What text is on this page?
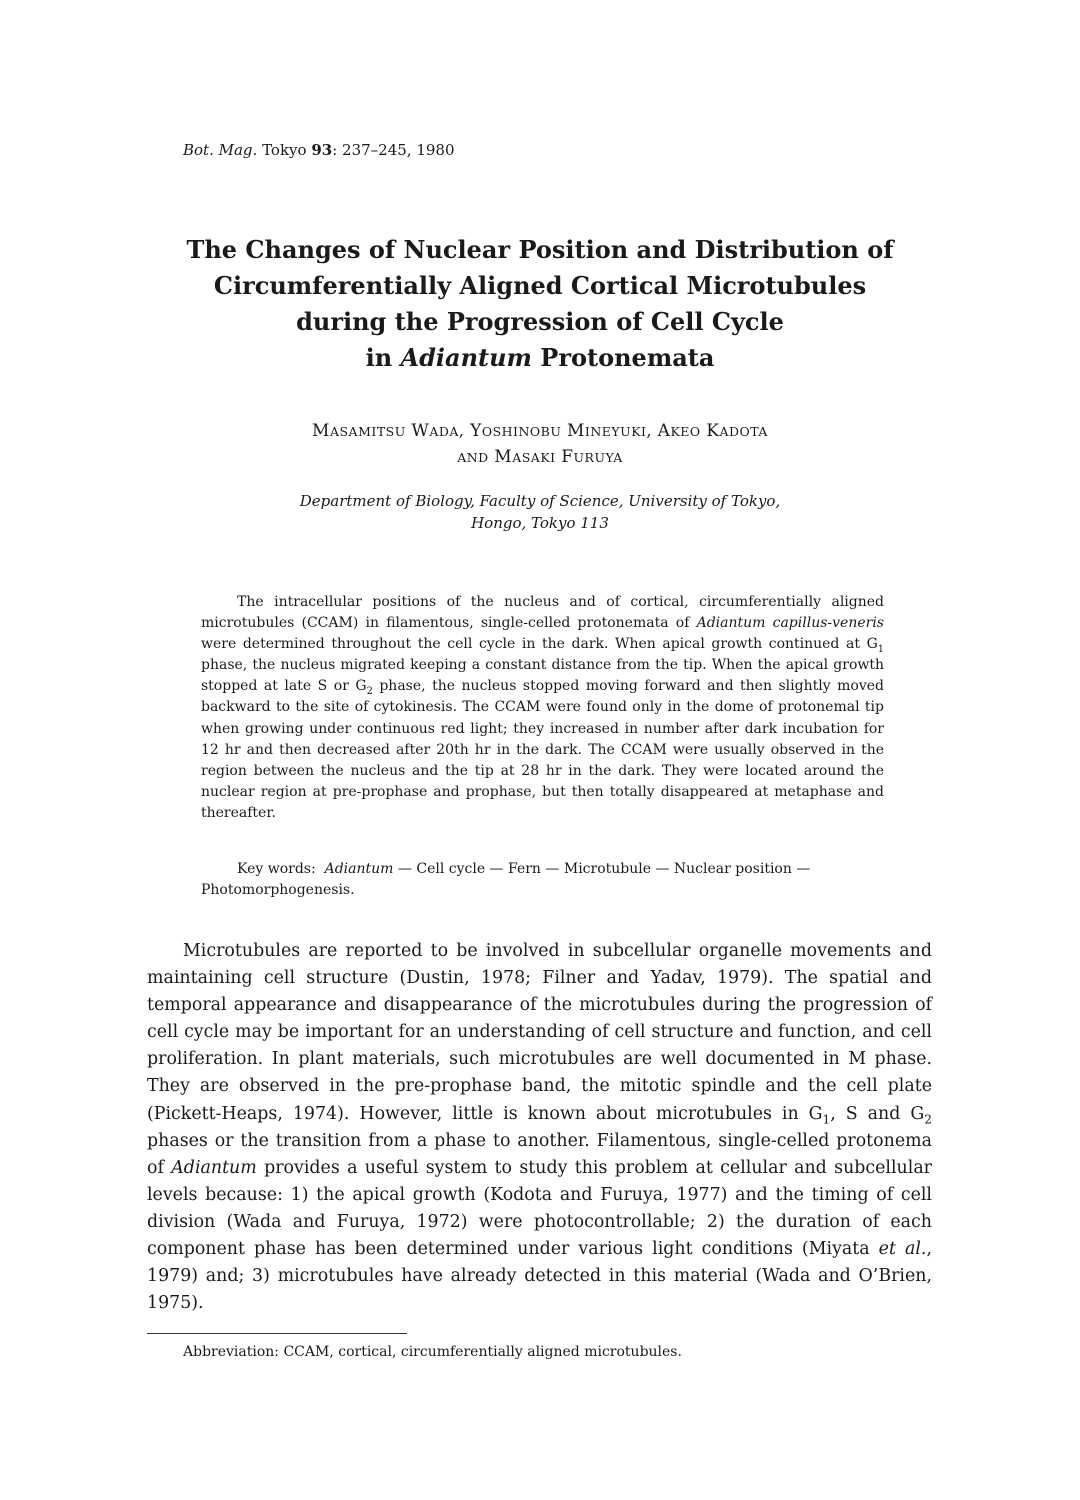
Bot. Mag. Tokyo 93: 237–245, 1980
The Changes of Nuclear Position and Distribution of
Circumferentially Aligned Cortical Microtubules
during the Progression of Cell Cycle
in Adiantum Protonemata
MASAMITSU WADA, YOSHINOBU MINEYUKI, AKEO KADOTA
AND MASAKI FURUYA
Department of Biology, Faculty of Science, University of Tokyo,
Hongo, Tokyo 113

The intracellular positions of the nucleus and of cortical, circumferentially aligned microtubules (CCAM) in filamentous, single-celled protonemata of Adiantum capillus-veneris were determined throughout the cell cycle in the dark. When apical growth continued at $G_1$ phase, the nucleus migrated keeping a constant distance from the tip. When the apical growth stopped at late S or $G_2$ phase, the nucleus stopped moving forward and then slightly moved backward to the site of cytokinesis. The CCAM were found only in the dome of protonemal tip when growing under continuous red light; they increased in number after dark incubation for 12 hr and then decreased after 20th hr in the dark. The CCAM were usually observed in the region between the nucleus and the tip at 28 hr in the dark. They were located around the nuclear region at pre-prophase and prophase, but then totally disappeared at metaphase and thereafter.

Key words: Adiantum — Cell cycle — Fern — Microtubule — Nuclear position — Photomorphogenesis.

Microtubules are reported to be involved in subcellular organelle movements and maintaining cell structure (Dustin, 1978; Filner and Yadav, 1979). The spatial and temporal appearance and disappearance of the microtubules during the progression of cell cycle may be important for an understanding of cell structure and function, and cell proliferation. In plant materials, such microtubules are well documented in M phase. They are observed in the pre-prophase band, the mitotic spindle and the cell plate (Pickett-Heaps, 1974). However, little is known about microtubules in $G_1$, S and $G_2$ phases or the transition from a phase to another. Filamentous, single-celled protonema of Adiantum provides a useful system to study this problem at cellular and subcellular levels because: 1) the apical growth (Kodota and Furuya, 1977) and the timing of cell division (Wada and Furuya, 1972) were photocontrollable; 2) the duration of each component phase has been determined under various light conditions (Miyata et al., 1979) and; 3) microtubules have already detected in this material (Wada and O’Brien, 1975).

Abbreviation: CCAM, cortical, circumferentially aligned microtubules.
